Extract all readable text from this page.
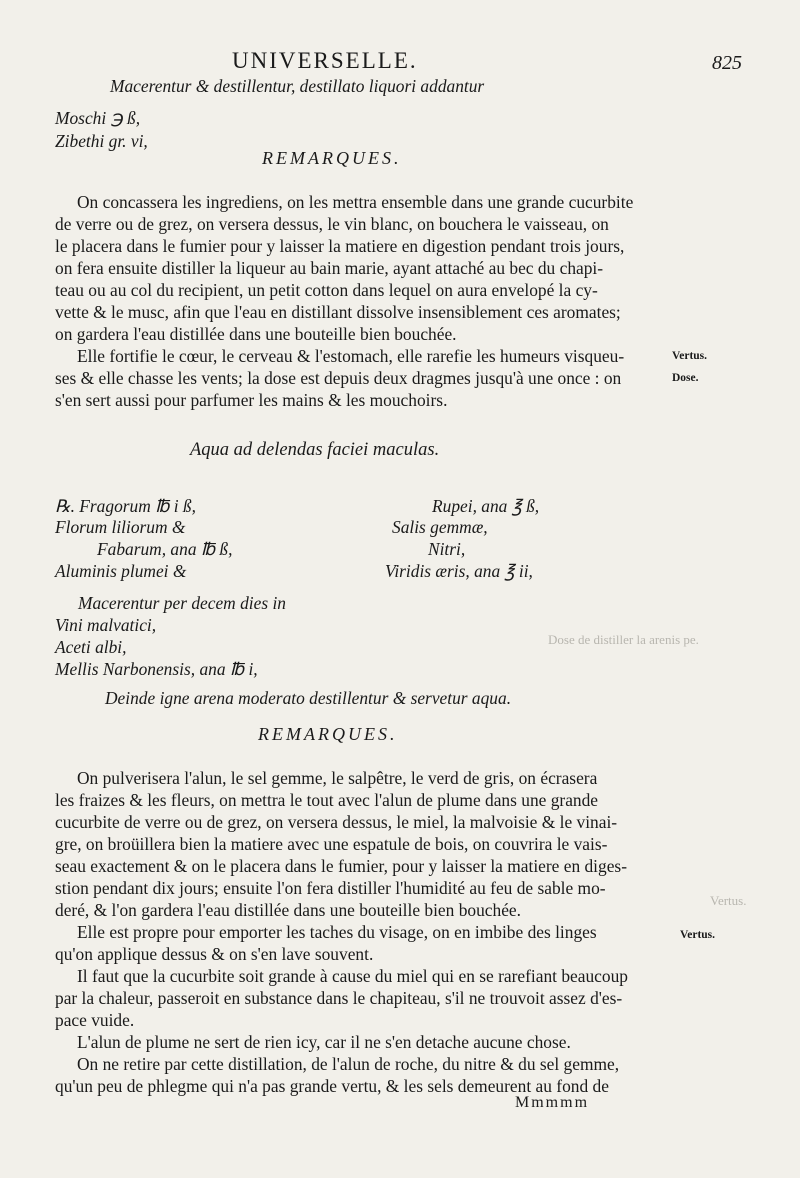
Vertus.
Dose de distiller la arenis pe.
UNIVERSELLE.	825
Macerentur & destillentur, destillato liquori addantur
Moschi ℈ ß,
Zibethi gr. vi,
REMARQUES.
On concassera les ingrediens, on les mettra ensemble dans une grande cucurbite
de verre ou de grez, on versera dessus, le vin blanc, on bouchera le vaisseau, on
le placera dans le fumier pour y laisser la matiere en digestion pendant trois jours,
on fera ensuite distiller la liqueur au bain marie, ayant attaché au bec du chapi-
teau ou au col du recipient, un petit cotton dans lequel on aura envelopé la cy-
vette & le musc, afin que l'eau en distillant dissolve insensiblement ces aromates;
on gardera l'eau distillée dans une bouteille bien bouchée.
Elle fortifie le cœur, le cerveau & l'estomach, elle rarefie les humeurs visqueu-
ses & elle chasse les vents; la dose est depuis deux dragmes jusqu'à une once : on
s'en sert aussi pour parfumer les mains & les mouchoirs.
Vertus.
Dose.
Aqua ad delendas faciei maculas.
℞. Fragorum ℔ i ß,
Florum liliorum &
Fabarum, ana ℔ ß,
Aluminis plumei &
Rupei, ana ℥ ß,
Salis gemmæ,
Nitri,
Viridis æris, ana ℥ ii,
Macerentur per decem dies in
Vini malvatici,
Aceti albi,
Mellis Narbonensis, ana ℔ i,
Deinde igne arena moderato destillentur & servetur aqua.
REMARQUES.
On pulverisera l'alun, le sel gemme, le salpêtre, le verd de gris, on écrasera
les fraizes & les fleurs, on mettra le tout avec l'alun de plume dans une grande
cucurbite de verre ou de grez, on versera dessus, le miel, la malvoisie & le vinai-
gre, on broüillera bien la matiere avec une espatule de bois, on couvrira le vais-
seau exactement & on le placera dans le fumier, pour y laisser la matiere en diges-
stion pendant dix jours; ensuite l'on fera distiller l'humidité au feu de sable mo-
deré, & l'on gardera l'eau distillée dans une bouteille bien bouchée.
Elle est propre pour emporter les taches du visage, on en imbibe des linges
qu'on applique dessus & on s'en lave souvent.
Il faut que la cucurbite soit grande à cause du miel qui en se rarefiant beaucoup
par la chaleur, passeroit en substance dans le chapiteau, s'il ne trouvoit assez d'es-
pace vuide.
L'alun de plume ne sert de rien icy, car il ne s'en detache aucune chose.
On ne retire par cette distillation, de l'alun de roche, du nitre & du sel gemme,
qu'un peu de phlegme qui n'a pas grande vertu, & les sels demeurent au fond de
Vertus.
Mmmmm
